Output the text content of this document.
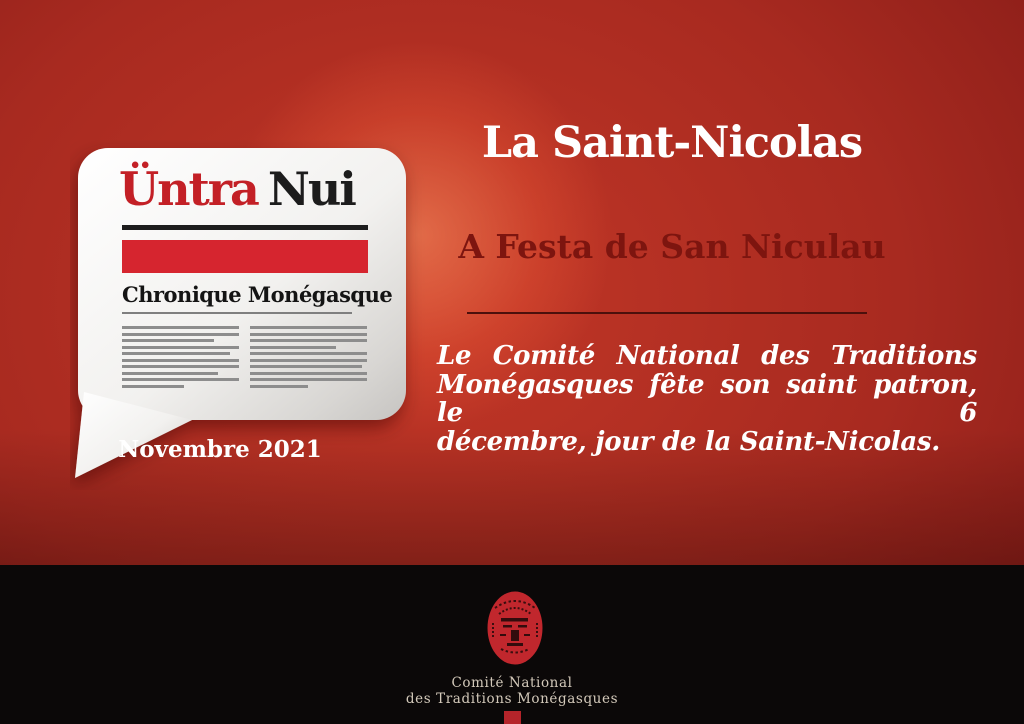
Üntra Nui
Chronique Monégasque
Novembre 2021
La Saint-Nicolas
A Festa de San Niculau
Le Comité National des Traditions
Monégasques fête son saint patron, le 6
décembre, jour de la Saint-Nicolas.
Comité National
des Traditions Monégasques
